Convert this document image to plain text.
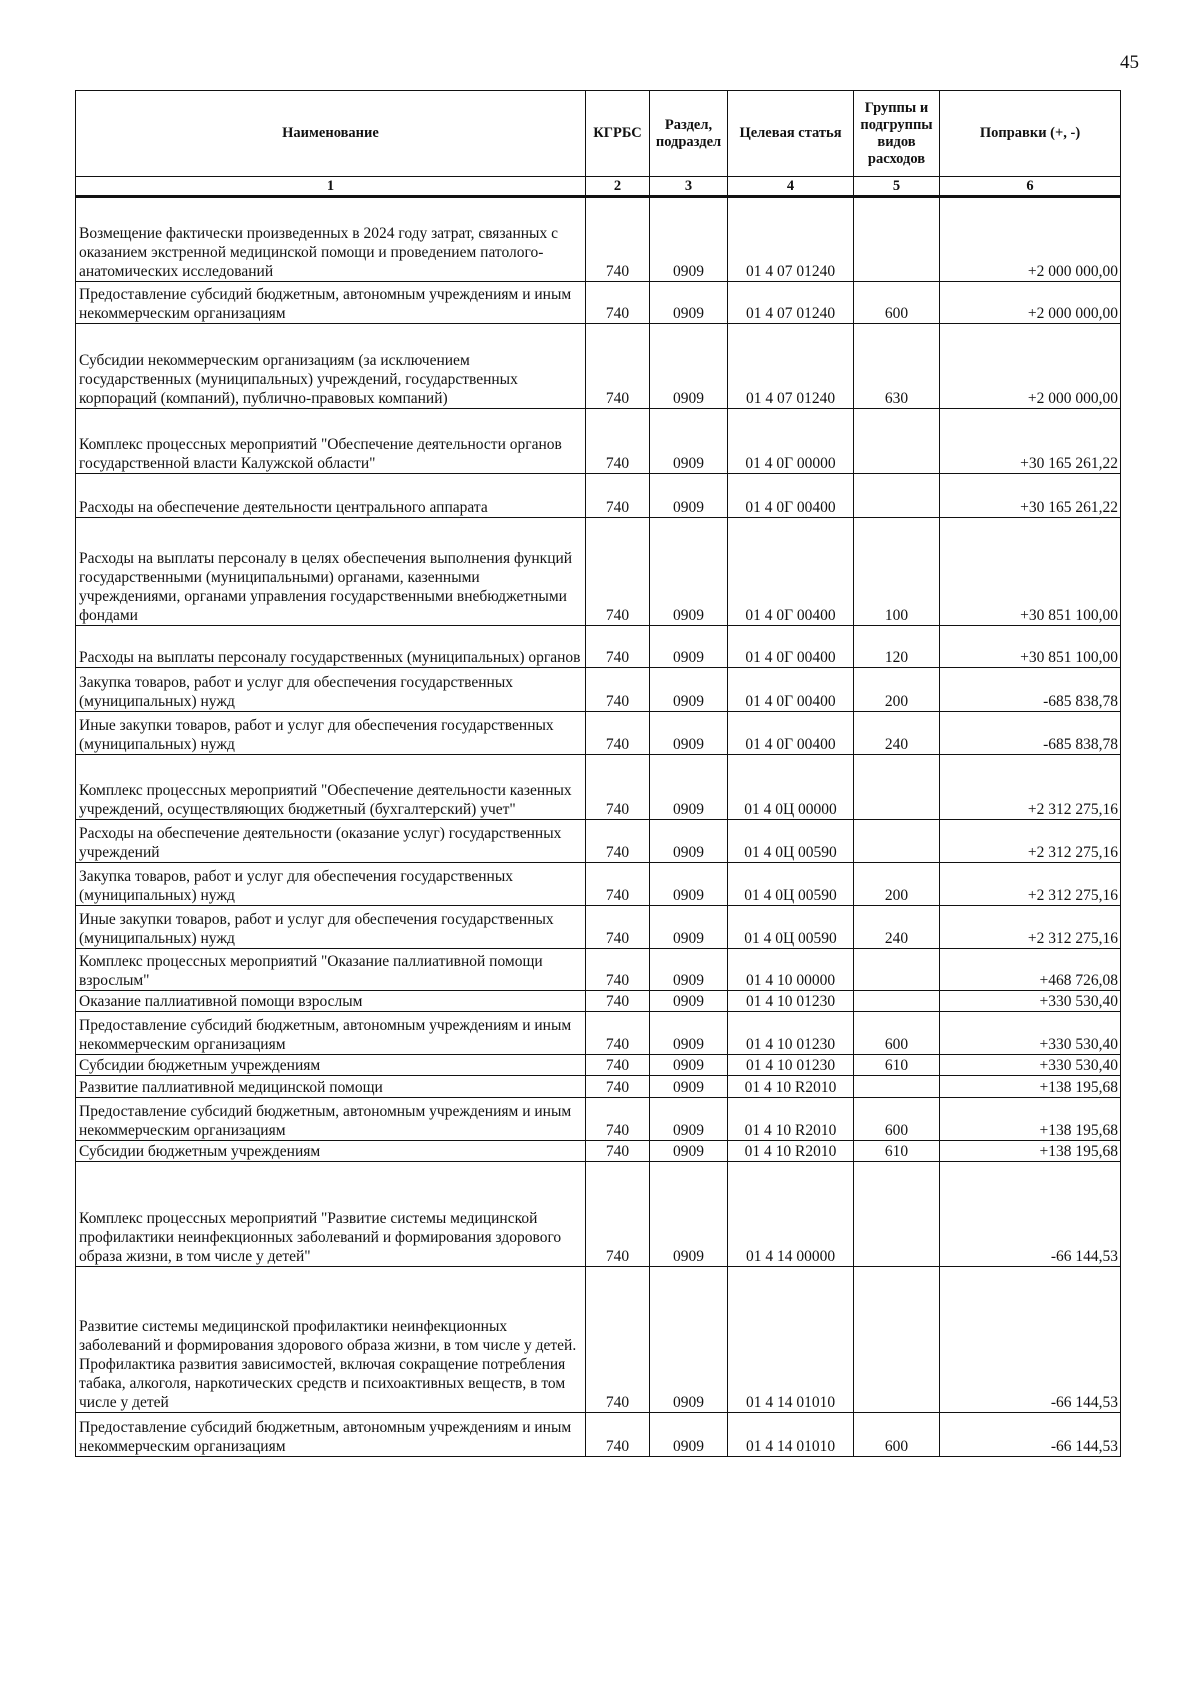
45
Наименование	КГРБС	Раздел, подраздел	Целевая статья	Группы и подгруппы видов расходов	Поправки (+, -)
1	2	3	4	5	6
Возмещение фактически произведенных в 2024 году затрат, связанных с оказанием экстренной медицинской помощи и проведением патолого-анатомических исследований	740	0909	01 4 07 01240		+2 000 000,00
Предоставление субсидий бюджетным, автономным учреждениям и иным некоммерческим организациям	740	0909	01 4 07 01240	600	+2 000 000,00
Субсидии некоммерческим организациям (за исключением государственных (муниципальных) учреждений, государственных корпораций (компаний), публично-правовых компаний)	740	0909	01 4 07 01240	630	+2 000 000,00
Комплекс процессных мероприятий "Обеспечение деятельности органов государственной власти Калужской области"	740	0909	01 4 0Г 00000		+30 165 261,22
Расходы на обеспечение деятельности центрального аппарата	740	0909	01 4 0Г 00400		+30 165 261,22
Расходы на выплаты персоналу в целях обеспечения выполнения функций государственными (муниципальными) органами, казенными учреждениями, органами управления государственными внебюджетными фондами	740	0909	01 4 0Г 00400	100	+30 851 100,00
Расходы на выплаты персоналу государственных (муниципальных) органов	740	0909	01 4 0Г 00400	120	+30 851 100,00
Закупка товаров, работ и услуг для обеспечения государственных (муниципальных) нужд	740	0909	01 4 0Г 00400	200	-685 838,78
Иные закупки товаров, работ и услуг для обеспечения государственных (муниципальных) нужд	740	0909	01 4 0Г 00400	240	-685 838,78
Комплекс процессных мероприятий "Обеспечение деятельности казенных учреждений, осуществляющих бюджетный (бухгалтерский) учет"	740	0909	01 4 0Ц 00000		+2 312 275,16
Расходы на обеспечение деятельности (оказание услуг) государственных учреждений	740	0909	01 4 0Ц 00590		+2 312 275,16
Закупка товаров, работ и услуг для обеспечения государственных (муниципальных) нужд	740	0909	01 4 0Ц 00590	200	+2 312 275,16
Иные закупки товаров, работ и услуг для обеспечения государственных (муниципальных) нужд	740	0909	01 4 0Ц 00590	240	+2 312 275,16
Комплекс процессных мероприятий "Оказание паллиативной помощи взрослым"	740	0909	01 4 10 00000		+468 726,08
Оказание паллиативной помощи взрослым	740	0909	01 4 10 01230		+330 530,40
Предоставление субсидий бюджетным, автономным учреждениям и иным некоммерческим организациям	740	0909	01 4 10 01230	600	+330 530,40
Субсидии бюджетным учреждениям	740	0909	01 4 10 01230	610	+330 530,40
Развитие паллиативной медицинской помощи	740	0909	01 4 10 R2010		+138 195,68
Предоставление субсидий бюджетным, автономным учреждениям и иным некоммерческим организациям	740	0909	01 4 10 R2010	600	+138 195,68
Субсидии бюджетным учреждениям	740	0909	01 4 10 R2010	610	+138 195,68
Комплекс процессных мероприятий "Развитие системы медицинской профилактики неинфекционных заболеваний и формирования здорового образа жизни, в том числе у детей"	740	0909	01 4 14 00000		-66 144,53
Развитие системы медицинской профилактики неинфекционных заболеваний и формирования здорового образа жизни, в том числе у детей. Профилактика развития зависимостей, включая сокращение потребления табака, алкоголя, наркотических средств и психоактивных веществ, в том числе у детей	740	0909	01 4 14 01010		-66 144,53
Предоставление субсидий бюджетным, автономным учреждениям и иным некоммерческим организациям	740	0909	01 4 14 01010	600	-66 144,53
